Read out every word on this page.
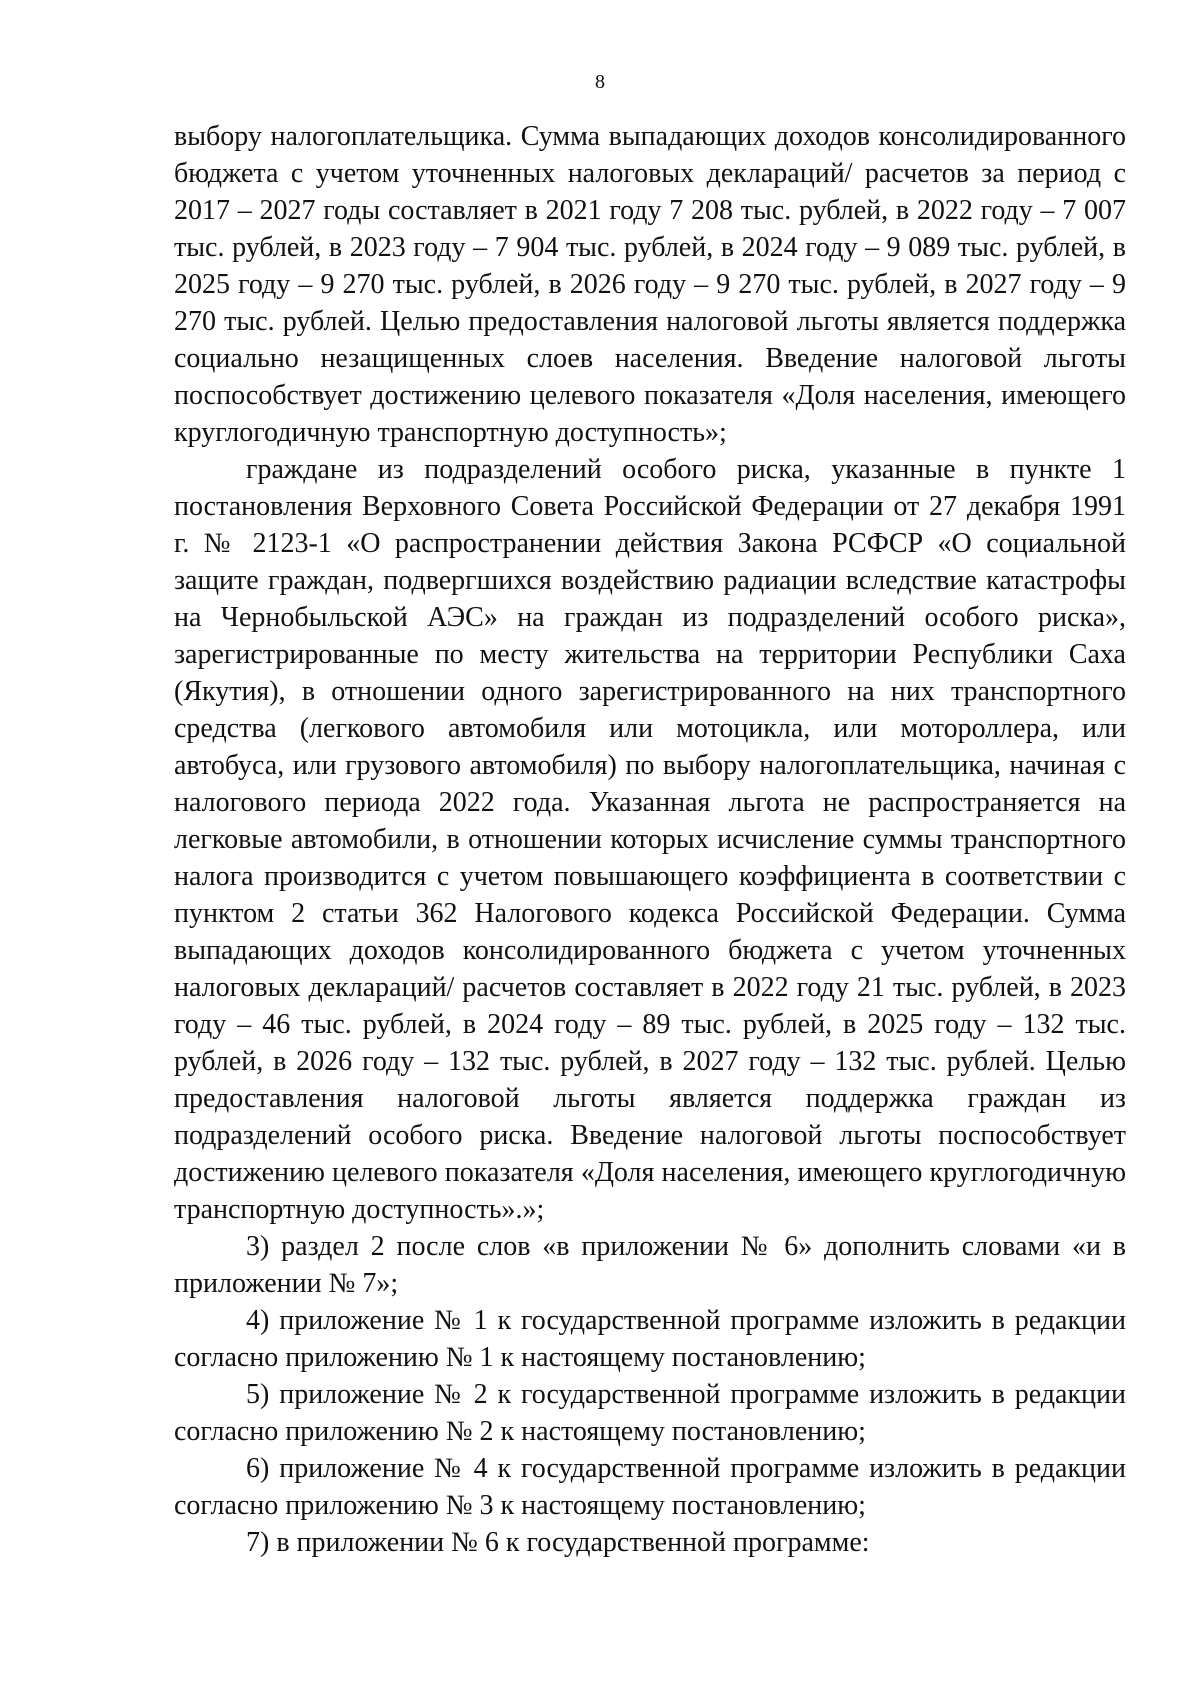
8

выбору налогоплательщика. Сумма выпадающих доходов консолидированного бюджета с учетом уточненных налоговых деклараций/ расчетов за период с 2017 – 2027 годы составляет в 2021 году 7 208 тыс. рублей, в 2022 году – 7 007 тыс. рублей, в 2023 году – 7 904 тыс. рублей, в 2024 году – 9 089 тыс. рублей, в 2025 году – 9 270 тыс. рублей, в 2026 году – 9 270 тыс. рублей, в 2027 году – 9 270 тыс. рублей. Целью предоставления налоговой льготы является поддержка социально незащищенных слоев населения. Введение налоговой льготы поспособствует достижению целевого показателя «Доля населения, имеющего круглогодичную транспортную доступность»;

граждане из подразделений особого риска, указанные в пункте 1 постановления Верховного Совета Российской Федерации от 27 декабря 1991 г. № 2123-1 «О распространении действия Закона РСФСР «О социальной защите граждан, подвергшихся воздействию радиации вследствие катастрофы на Чернобыльской АЭС» на граждан из подразделений особого риска», зарегистрированные по месту жительства на территории Республики Саха (Якутия), в отношении одного зарегистрированного на них транспортного средства (легкового автомобиля или мотоцикла, или мотороллера, или автобуса, или грузового автомобиля) по выбору налогоплательщика, начиная с налогового периода 2022 года. Указанная льгота не распространяется на легковые автомобили, в отношении которых исчисление суммы транспортного налога производится с учетом повышающего коэффициента в соответствии с пунктом 2 статьи 362 Налогового кодекса Российской Федерации. Сумма выпадающих доходов консолидированного бюджета с учетом уточненных налоговых деклараций/ расчетов составляет в 2022 году 21 тыс. рублей, в 2023 году – 46 тыс. рублей, в 2024 году – 89 тыс. рублей, в 2025 году – 132 тыс. рублей, в 2026 году – 132 тыс. рублей, в 2027 году – 132 тыс. рублей. Целью предоставления налоговой льготы является поддержка граждан из подразделений особого риска. Введение налоговой льготы поспособствует достижению целевого показателя «Доля населения, имеющего круглогодичную транспортную доступность».»;

3) раздел 2 после слов «в приложении № 6» дополнить словами «и в приложении № 7»;

4) приложение № 1 к государственной программе изложить в редакции согласно приложению № 1 к настоящему постановлению;

5) приложение № 2 к государственной программе изложить в редакции согласно приложению № 2 к настоящему постановлению;

6) приложение № 4 к государственной программе изложить в редакции согласно приложению № 3 к настоящему постановлению;

7) в приложении № 6 к государственной программе:
